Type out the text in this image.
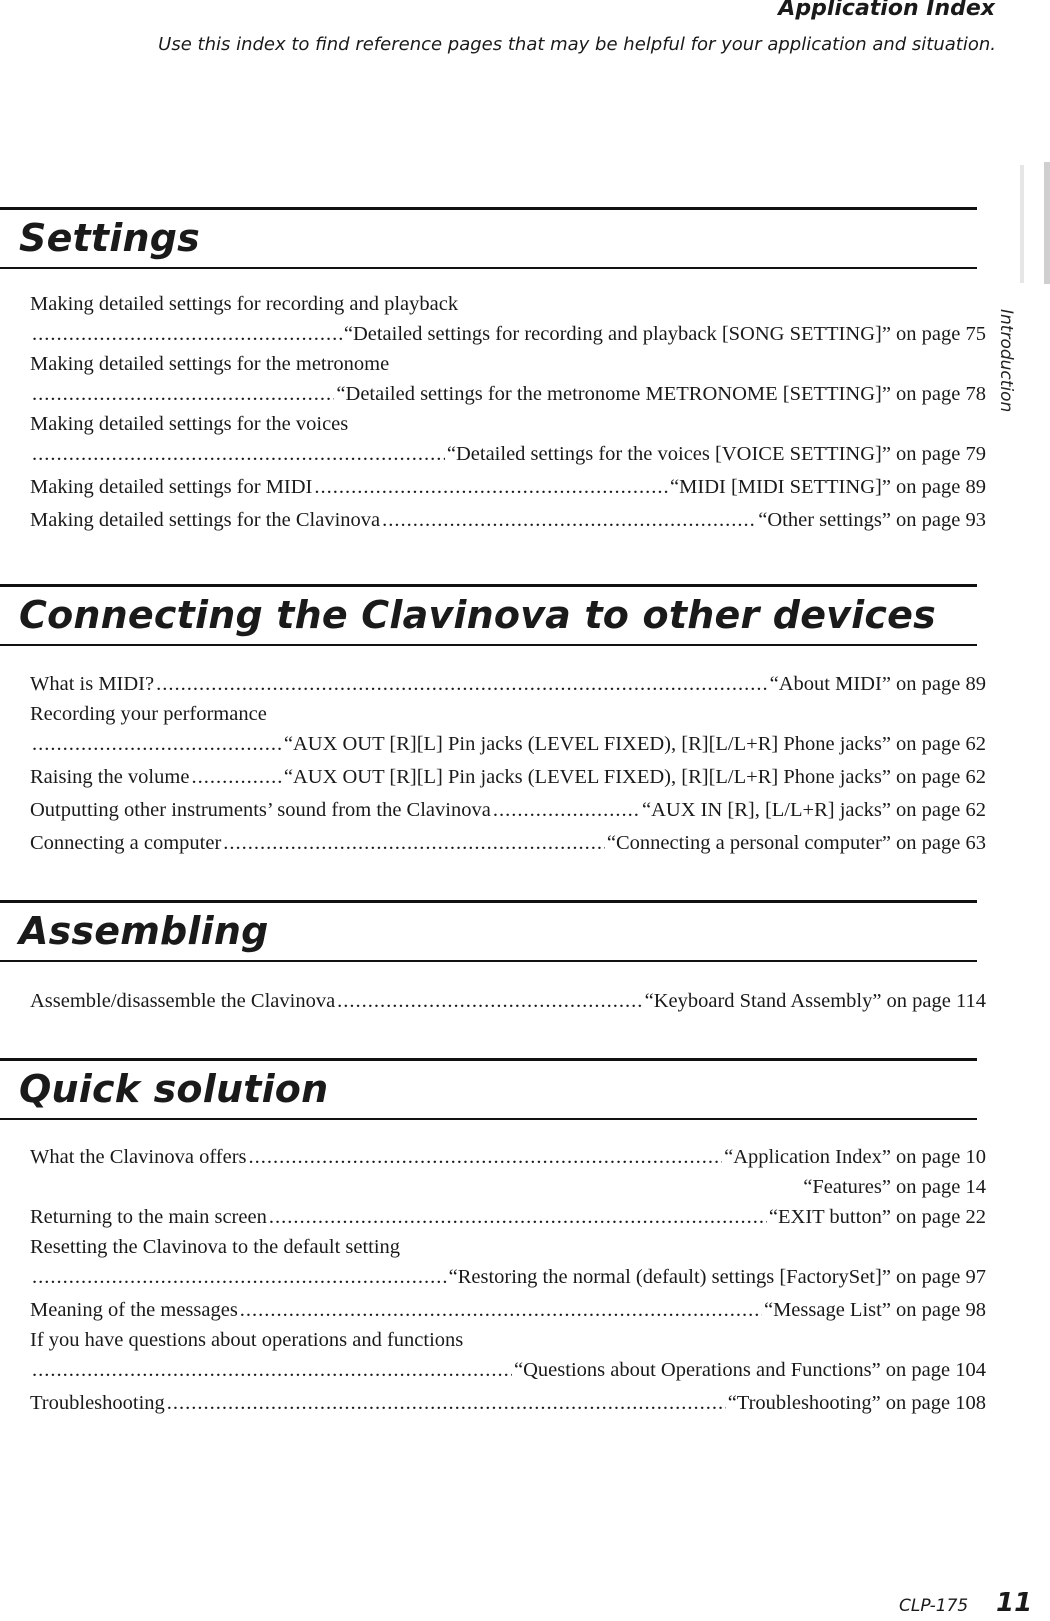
Application Index
Use this index to find reference pages that may be helpful for your application and situation.
Introduction
Settings
Making detailed settings for recording and playback
.....
“Detailed settings for recording and playback [SONG SETTING]” on page 75
Making detailed settings for the metronome
.....
“Detailed settings for the metronome METRONOME [SETTING]” on page 78
Making detailed settings for the voices
.....
“Detailed settings for the voices [VOICE SETTING]” on page 79
Making detailed settings for MIDI .....	“MIDI [MIDI SETTING]” on page 89
Making detailed settings for the Clavinova .....	“Other settings” on page 93
Connecting the Clavinova to other devices
What is MIDI? .....	“About MIDI” on page 89
Recording your performance
.....
“AUX OUT [R][L] Pin jacks (LEVEL FIXED), [R][L/L+R] Phone jacks” on page 62
Raising the volume .....	“AUX OUT [R][L] Pin jacks (LEVEL FIXED), [R][L/L+R] Phone jacks” on page 62
Outputting other instruments’ sound from the Clavinova .....	“AUX IN [R], [L/L+R] jacks” on page 62
Connecting a computer .....	“Connecting a personal computer” on page 63
Assembling
Assemble/disassemble the Clavinova .....	“Keyboard Stand Assembly” on page 114
Quick solution
What the Clavinova offers .....	“Application Index” on page 10
“Features” on page 14
Returning to the main screen .....	“EXIT button” on page 22
Resetting the Clavinova to the default setting
.....
“Restoring the normal (default) settings [FactorySet]” on page 97
Meaning of the messages .....	“Message List” on page 98
If you have questions about operations and functions
.....
“Questions about Operations and Functions” on page 104
Troubleshooting .....	“Troubleshooting” on page 108
CLP-175 11
